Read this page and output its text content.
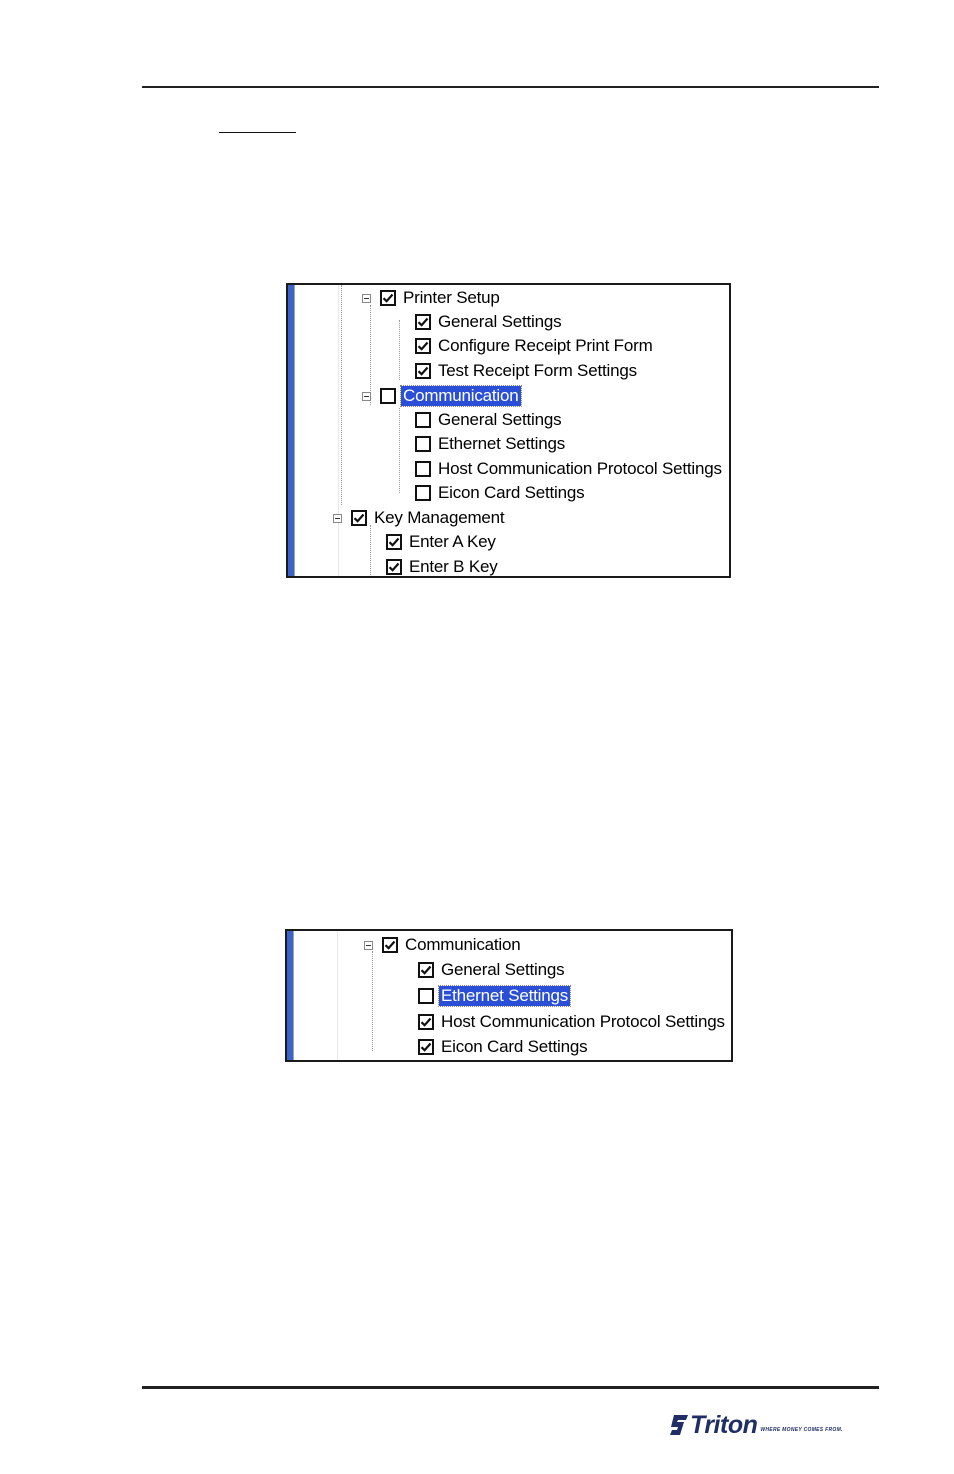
Printer Setup
General Settings
Configure Receipt Print Form
Test Receipt Form Settings
Communication
General Settings
Ethernet Settings
Host Communication Protocol Settings
Eicon Card Settings
Key Management
Enter A Key
Enter B Key
Communication
General Settings
Ethernet Settings
Host Communication Protocol Settings
Eicon Card Settings
Triton WHERE MONEY COMES FROM.
